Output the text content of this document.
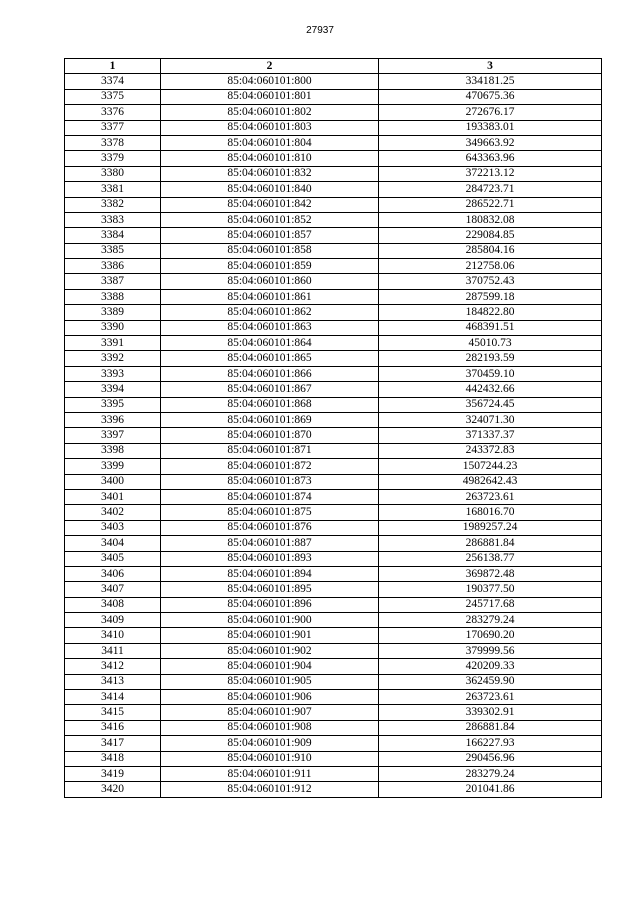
27937
1	2	3
3374	85:04:060101:800	334181.25
3375	85:04:060101:801	470675.36
3376	85:04:060101:802	272676.17
3377	85:04:060101:803	193383.01
3378	85:04:060101:804	349663.92
3379	85:04:060101:810	643363.96
3380	85:04:060101:832	372213.12
3381	85:04:060101:840	284723.71
3382	85:04:060101:842	286522.71
3383	85:04:060101:852	180832.08
3384	85:04:060101:857	229084.85
3385	85:04:060101:858	285804.16
3386	85:04:060101:859	212758.06
3387	85:04:060101:860	370752.43
3388	85:04:060101:861	287599.18
3389	85:04:060101:862	184822.80
3390	85:04:060101:863	468391.51
3391	85:04:060101:864	45010.73
3392	85:04:060101:865	282193.59
3393	85:04:060101:866	370459.10
3394	85:04:060101:867	442432.66
3395	85:04:060101:868	356724.45
3396	85:04:060101:869	324071.30
3397	85:04:060101:870	371337.37
3398	85:04:060101:871	243372.83
3399	85:04:060101:872	1507244.23
3400	85:04:060101:873	4982642.43
3401	85:04:060101:874	263723.61
3402	85:04:060101:875	168016.70
3403	85:04:060101:876	1989257.24
3404	85:04:060101:887	286881.84
3405	85:04:060101:893	256138.77
3406	85:04:060101:894	369872.48
3407	85:04:060101:895	190377.50
3408	85:04:060101:896	245717.68
3409	85:04:060101:900	283279.24
3410	85:04:060101:901	170690.20
3411	85:04:060101:902	379999.56
3412	85:04:060101:904	420209.33
3413	85:04:060101:905	362459.90
3414	85:04:060101:906	263723.61
3415	85:04:060101:907	339302.91
3416	85:04:060101:908	286881.84
3417	85:04:060101:909	166227.93
3418	85:04:060101:910	290456.96
3419	85:04:060101:911	283279.24
3420	85:04:060101:912	201041.86
